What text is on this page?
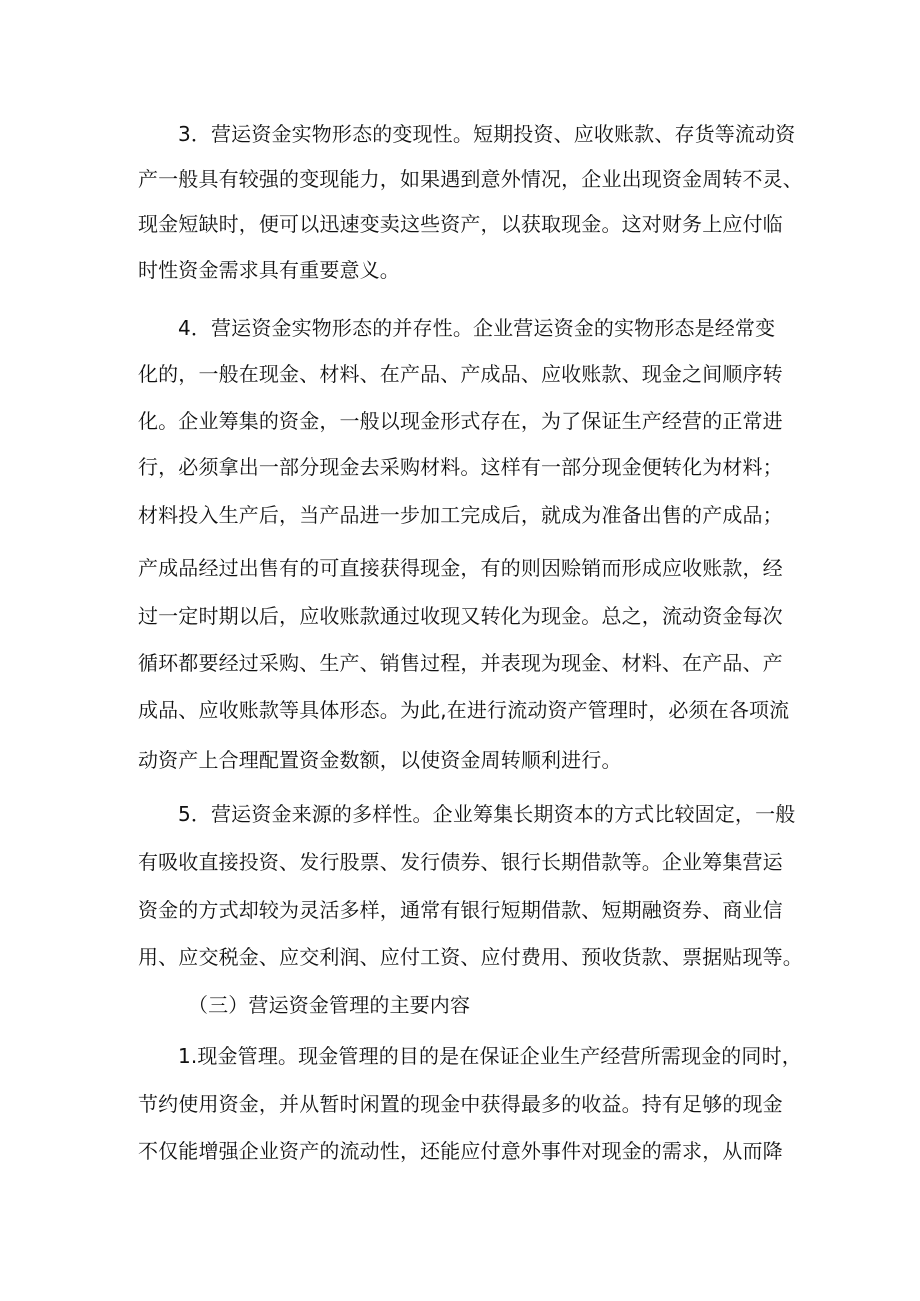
3．营运资金实物形态的变现性。短期投资、应收账款、存货等流动资
产一般具有较强的变现能力，如果遇到意外情况，企业出现资金周转不灵、
现金短缺时，便可以迅速变卖这些资产，以获取现金。这对财务上应付临
时性资金需求具有重要意义。
4．营运资金实物形态的并存性。企业营运资金的实物形态是经常变
化的，一般在现金、材料、在产品、产成品、应收账款、现金之间顺序转
化。企业筹集的资金，一般以现金形式存在，为了保证生产经营的正常进
行，必须拿出一部分现金去采购材料。这样有一部分现金便转化为材料；
材料投入生产后，当产品进一步加工完成后，就成为准备出售的产成品；
产成品经过出售有的可直接获得现金，有的则因赊销而形成应收账款，经
过一定时期以后，应收账款通过收现又转化为现金。总之，流动资金每次
循环都要经过采购、生产、销售过程，并表现为现金、材料、在产品、产
成品、应收账款等具体形态。为此,在进行流动资产管理时，必须在各项流
动资产上合理配置资金数额，以使资金周转顺利进行。
5．营运资金来源的多样性。企业筹集长期资本的方式比较固定，一般
有吸收直接投资、发行股票、发行债券、银行长期借款等。企业筹集营运
资金的方式却较为灵活多样，通常有银行短期借款、短期融资券、商业信
用、应交税金、应交利润、应付工资、应付费用、预收货款、票据贴现等。
（三）营运资金管理的主要内容
1.现金管理。现金管理的目的是在保证企业生产经营所需现金的同时，
节约使用资金，并从暂时闲置的现金中获得最多的收益。持有足够的现金
不仅能增强企业资产的流动性，还能应付意外事件对现金的需求，从而降
